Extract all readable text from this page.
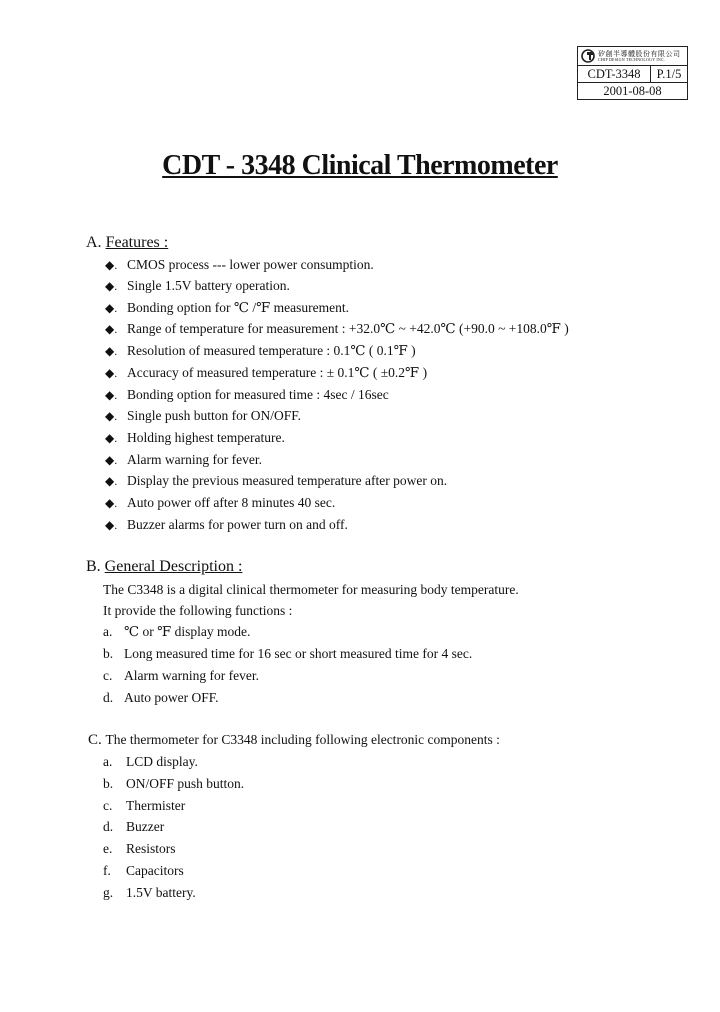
矽創半導體股份有限公司
CHIP DESIGN TECHNOLOGY INC.
CDT-3348	P.1/5
2001-08-08
CDT - 3348 Clinical Thermometer
A. Features :
◆. CMOS process --- lower power consumption.
◆. Single 1.5V battery operation.
◆. Bonding option for ℃ /℉ measurement.
◆. Range of temperature for measurement : +32.0℃ ~ +42.0℃ (+90.0 ~ +108.0℉ )
◆. Resolution of measured temperature : 0.1℃ ( 0.1℉ )
◆. Accuracy of measured temperature : ± 0.1℃ ( ±0.2℉ )
◆. Bonding option for measured time : 4sec / 16sec
◆. Single push button for ON/OFF.
◆. Holding highest temperature.
◆. Alarm warning for fever.
◆. Display the previous measured temperature after power on.
◆. Auto power off after 8 minutes 40 sec.
◆. Buzzer alarms for power turn on and off.
B. General Description :
The C3348 is a digital clinical thermometer for measuring body temperature.
It provide the following functions :
a. ℃ or ℉ display mode.
b. Long measured time for 16 sec or short measured time for 4 sec.
c. Alarm warning for fever.
d. Auto power OFF.
C. The thermometer for C3348 including following electronic components :
a. LCD display.
b. ON/OFF push button.
c. Thermister
d. Buzzer
e. Resistors
f. Capacitors
g. 1.5V battery.
